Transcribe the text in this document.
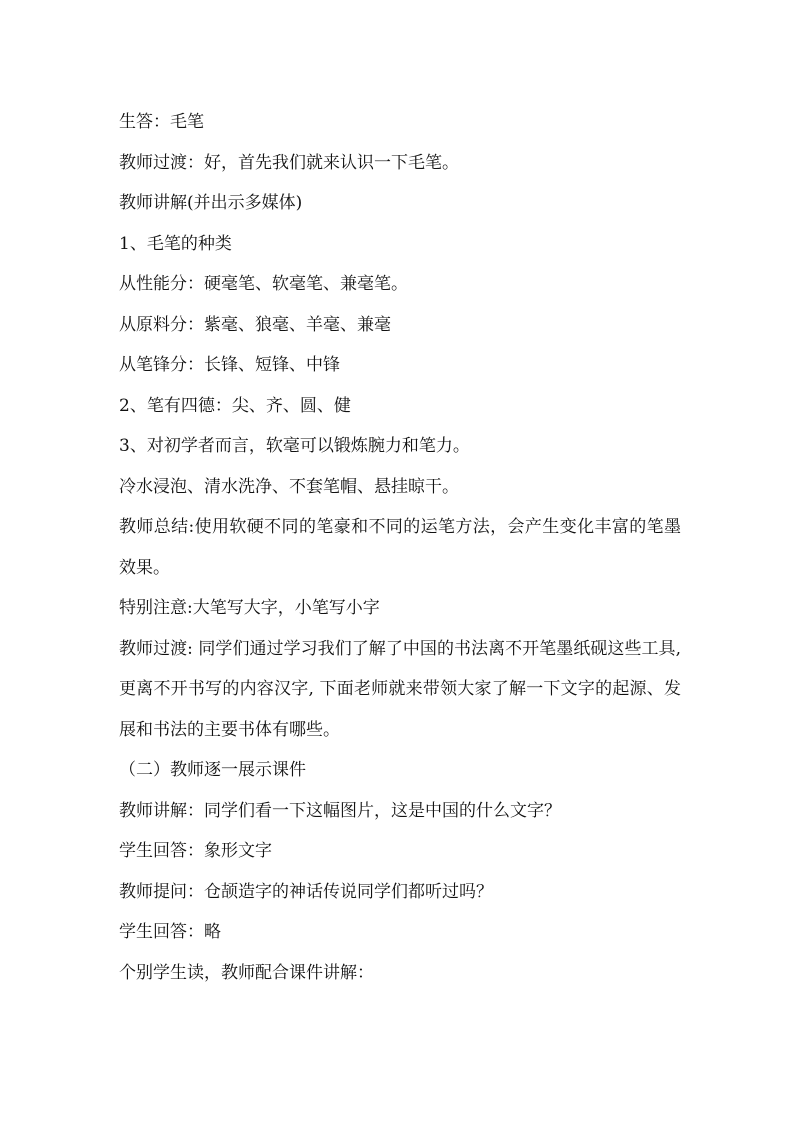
生答：毛笔

教师过渡：好，首先我们就来认识一下毛笔。

教师讲解(并出示多媒体)

1、毛笔的种类

从性能分：硬毫笔、软毫笔、兼毫笔。

从原料分：紫毫、狼毫、羊毫、兼毫

从笔锋分：长锋、短锋、中锋

2、笔有四德：尖、齐、圆、健

3、对初学者而言，软毫可以锻炼腕力和笔力。

冷水浸泡、清水洗净、不套笔帽、悬挂晾干。

教师总结:使用软硬不同的笔豪和不同的运笔方法，会产生变化丰富的笔墨效果。

特别注意:大笔写大字，小笔写小字

教师过渡: 同学们通过学习我们了解了中国的书法离不开笔墨纸砚这些工具, 更离不开书写的内容汉字, 下面老师就来带领大家了解一下文字的起源、发展和书法的主要书体有哪些。

（二）教师逐一展示课件

教师讲解：同学们看一下这幅图片，这是中国的什么文字？

学生回答：象形文字

教师提问：仓颉造字的神话传说同学们都听过吗？

学生回答：略

个别学生读，教师配合课件讲解：
